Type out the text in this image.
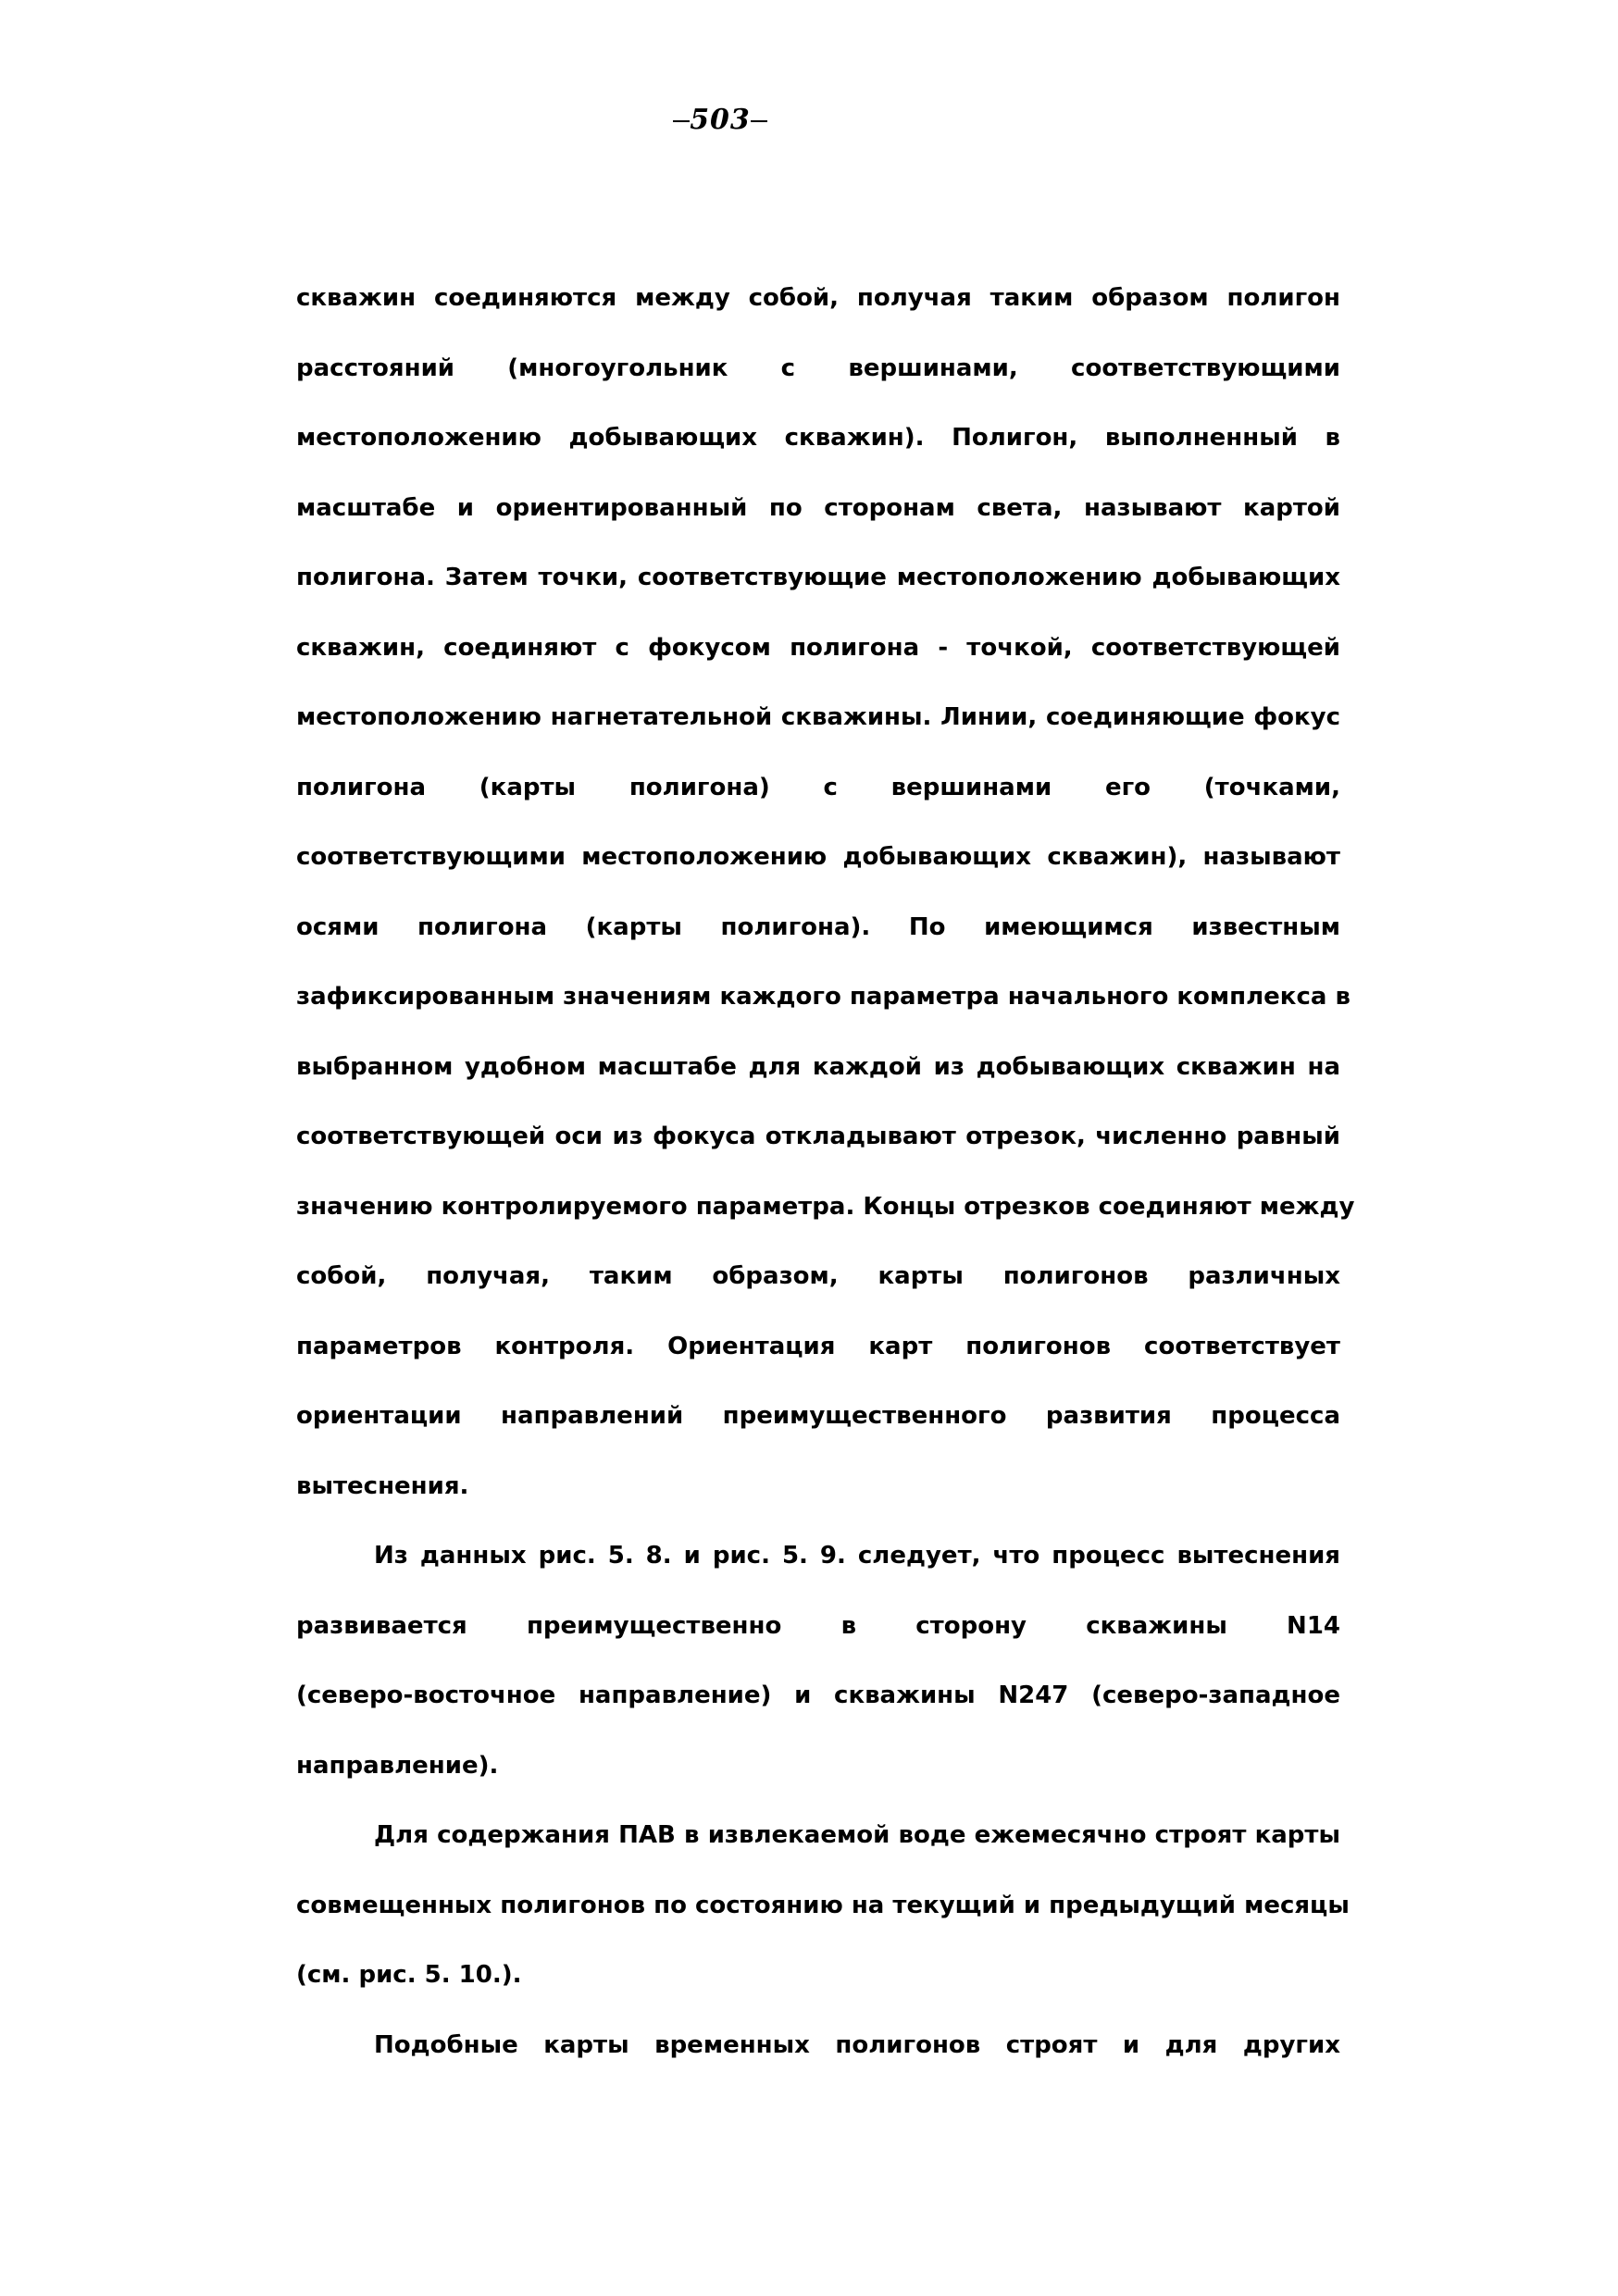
503
скважин соединяются между собой, получая таким образом полигон
расстояний (многоугольник с вершинами, соответствующими
местоположению добывающих скважин). Полигон, выполненный в
масштабе и ориентированный по сторонам света, называют картой
полигона. Затем точки, соответствующие местоположению добывающих
скважин, соединяют с фокусом полигона - точкой, соответствующей
местоположению нагнетательной скважины. Линии, соединяющие фокус
полигона (карты полигона) с вершинами его (точками,
соответствующими местоположению добывающих скважин), называют
осями полигона (карты полигона). По имеющимся известным
зафиксированным значениям каждого параметра начального комплекса в
выбранном удобном масштабе для каждой из добывающих скважин на
соответствующей оси из фокуса откладывают отрезок, численно равный
значению контролируемого параметра. Концы отрезков соединяют между
собой, получая, таким образом, карты полигонов различных
параметров контроля. Ориентация карт полигонов соответствует
ориентации направлений преимущественного развития процесса
вытеснения.
Из данных рис. 5. 8. и рис. 5. 9. следует, что процесс вытеснения
развивается преимущественно в сторону скважины N14
(северо-восточное направление) и скважины N247 (северо-западное
направление).
Для содержания ПАВ в извлекаемой воде ежемесячно строят карты
совмещенных полигонов по состоянию на текущий и предыдущий месяцы
(см. рис. 5. 10.).
Подобные карты временных полигонов строят и для других
